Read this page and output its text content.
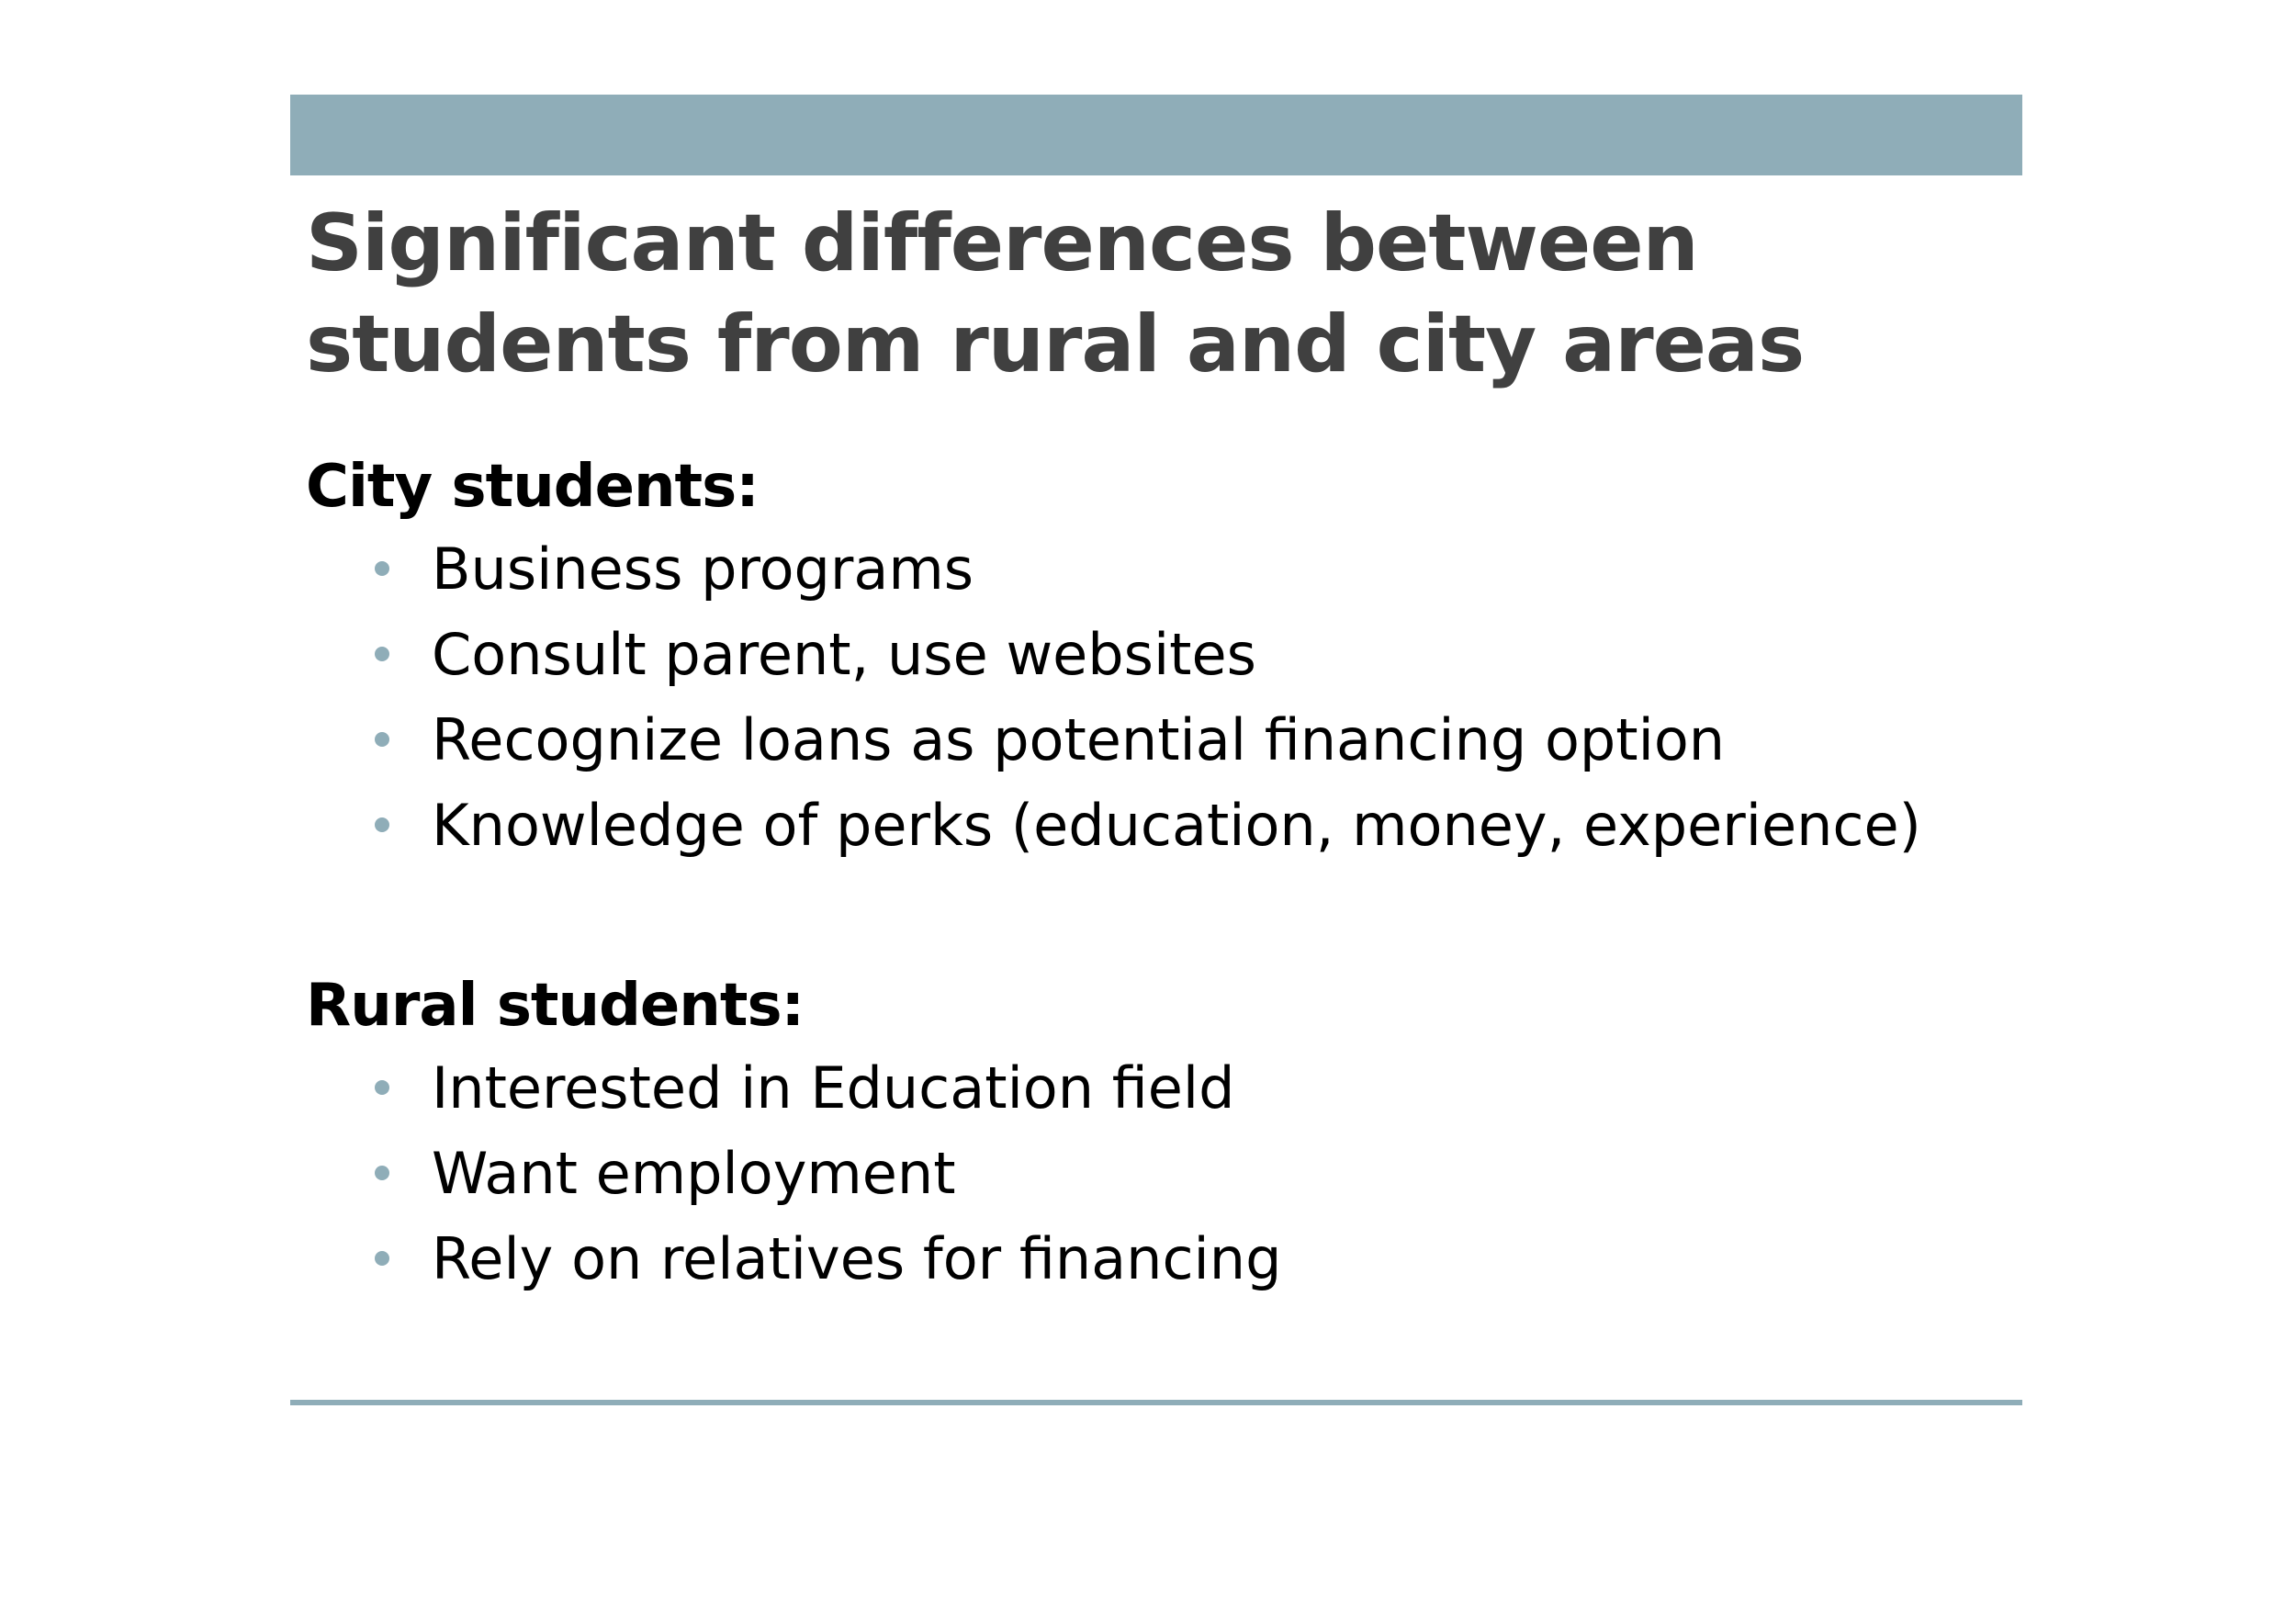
Significant differences between
students from rural and city areas
City students:
Business programs
Consult parent, use websites
Recognize loans as potential financing option
Knowledge of perks (education, money, experience)
Rural students:
Interested in Education field
Want employment
Rely on relatives for financing
